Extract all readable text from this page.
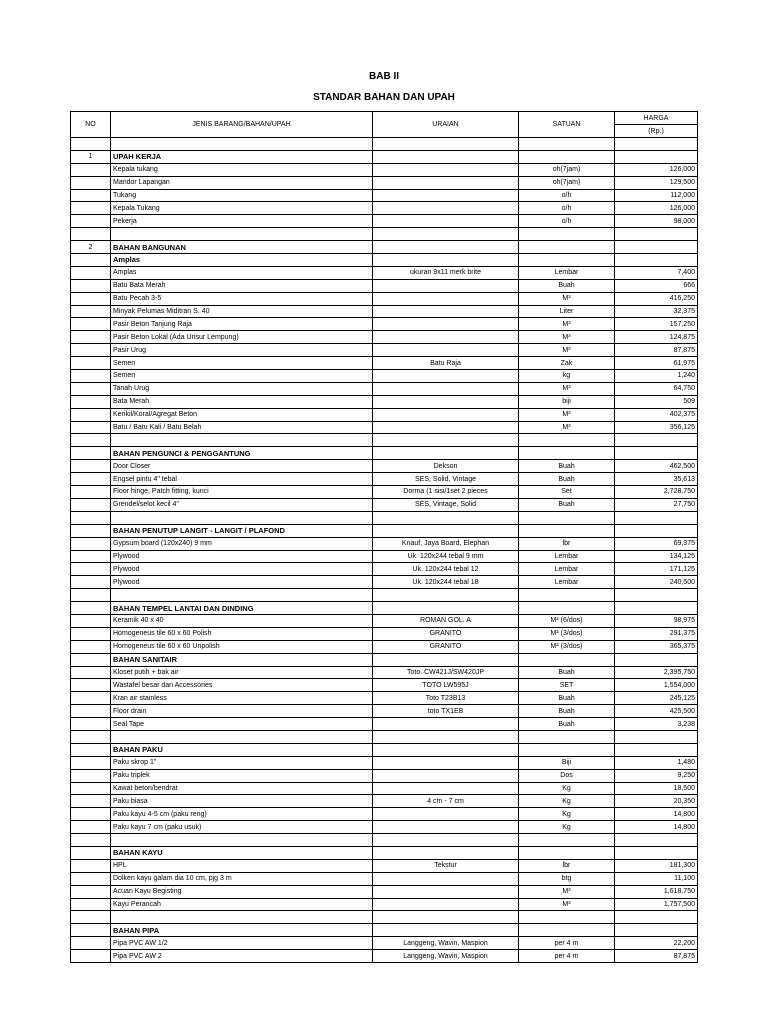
BAB II
STANDAR BAHAN DAN UPAH
NO	JENIS BARANG/BAHAN/UPAH	URAIAN	SATUAN	HARGA
				(Rp.)

1	UPAH KERJA			
	Kepala tukang		oh(7jam)	126,000
	Mandor Lapangan		oh(7jam)	129,500
	Tukang		o/h	112,000
	Kepala Tukang		o/h	126,000
	Pekerja		o/h	98,000

2	BAHAN BANGUNAN			
	Amplas			
	Amplas	ukuran 9x11 merk brite	Lembar	7,400
	Batu Bata Merah		Buah	666
	Batu Pecah 3-5		M³	416,250
	Minyak Pelumas Miditran S. 40		Liter	32,375
	Pasir Beton Tanjung Raja		M³	157,250
	Pasir Beton Lokal (Ada Unsur Lempung)		M³	124,875
	Pasir Urug		M³	87,875
	Semen	Batu Raja	Zak	61,975
	Semen		kg	1,240
	Tanah Urug		M³	64,750
	Bata Merah		biji	509
	Kerikil/Koral/Agregat Beton		M³	402,375
	Batu / Batu Kali / Batu Belah		M³	356,125

	BAHAN PENGUNCI & PENGGANTUNG			
	Door Closer	Dekson	Buah	462,500
	Engsel pintu 4" tebal	SES, Solid, Vintage	Buah	35,613
	Floor hinge, Patch fitting, kunci	Dorma (1 sisi/1set 2 pieces	Set	2,728,750
	Grendel/selot kecil 4"	SES, Vintage, Solid	Buah	27,750

	BAHAN PENUTUP LANGIT - LANGIT / PLAFOND			
	Gypsum board (120x240) 9 mm	Knauf, Jaya Board, Elephan	lbr	69,375
	Plywood	Uk. 120x244 tebal 9 mm	Lembar	134,125
	Plywood	Uk. 120x244 tebal 12	Lembar	171,125
	Plywood	Uk. 120x244 tebal 18	Lembar	240,500

	BAHAN TEMPEL LANTAI DAN DINDING			
	Keramik 40 x 40	ROMAN GOL. A	M² (6/dos)	98,975
	Homogeneus tile 60 x 60 Polish	GRANITO	M² (3/dos)	291,375
	Homogeneus tile 60 x 60 Unpolish	GRANITO	M² (3/dos)	365,375
	BAHAN SANITAIR			
	Kloset putih + bak air	Toto. CW421J/SW420JP	Buah	2,395,750
	Wastafel besar dan Accessories	TOTO LW595J	SET	1,554,000
	Kran air stainless	Toto T23B13	Buah	245,125
	Floor drain	toto TX1EB	Buah	425,500
	Seal Tape		Buah	3,238

	BAHAN PAKU			
	Paku skrop 1"		Biji	1,480
	Paku triplek		Dos	9,250
	Kawat beton/bendrat		Kg	18,500
	Paku biasa	4 cm - 7 cm	Kg	20,350
	Paku kayu 4-5 cm (paku reng)		Kg	14,800
	Paku kayu 7 cm (paku usuk)		Kg	14,800

	BAHAN KAYU			
	HPL	Tekstur	lbr	181,300
	Dolken kayu galam dia 10 cm, pjg 3 m		btg	11,100
	Acuan Kayu Begisting		M³	1,618,750
	Kayu Perancah		M³	1,757,500

	BAHAN PIPA			
	Pipa PVC AW 1/2	Langgeng, Wavin, Maspion	per 4 m	22,200
	Pipa PVC AW 2	Langgeng, Wavin, Maspion	per 4 m	87,875
